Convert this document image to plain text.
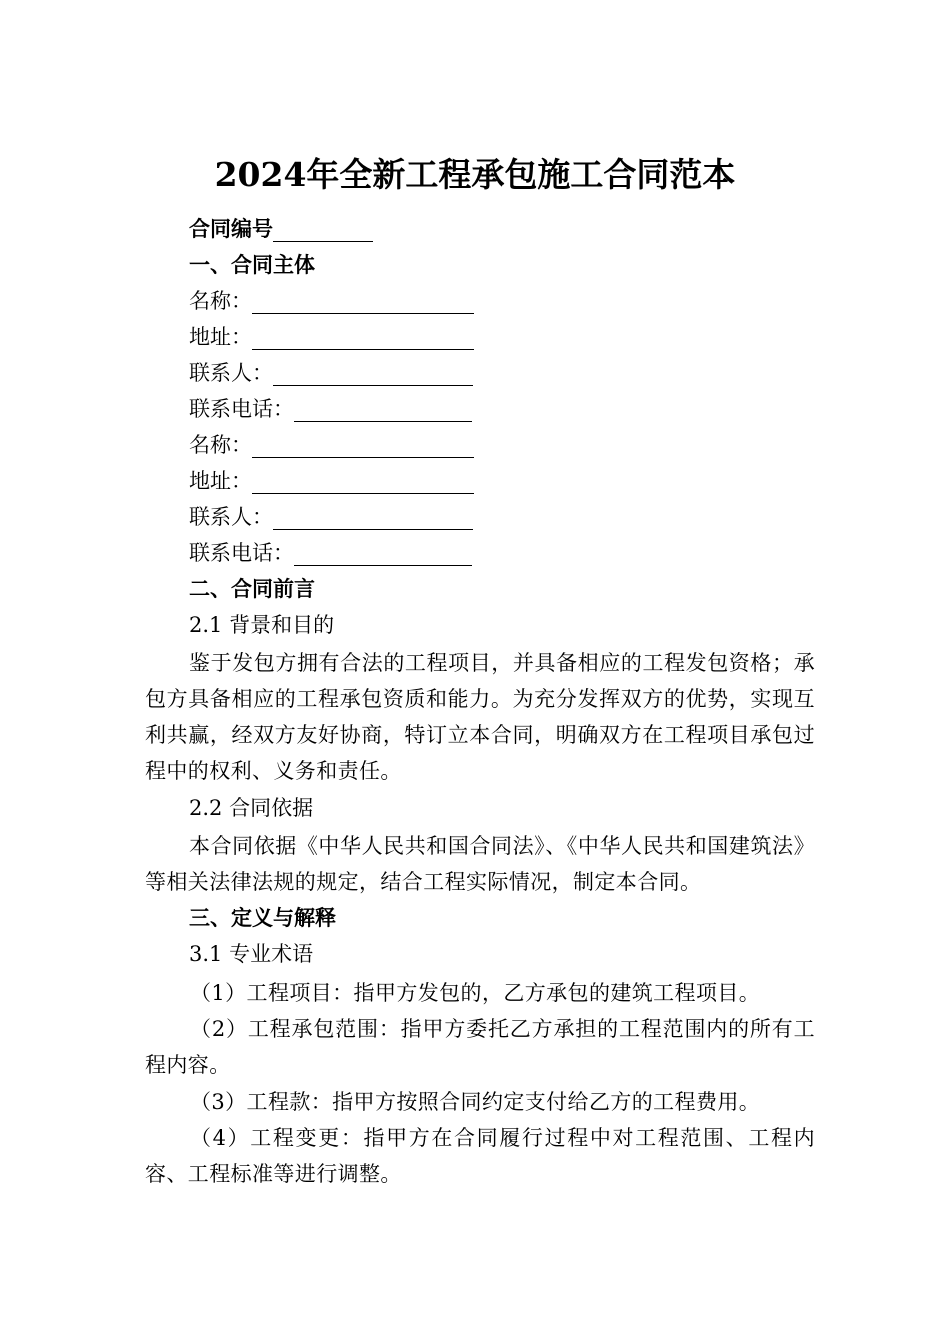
2024年全新工程承包施工合同范本
合同编号
一、合同主体
名称：
地址：
联系人：
联系电话：
名称：
地址：
联系人：
联系电话：
二、合同前言
2.1 背景和目的
鉴于发包方拥有合法的工程项目，并具备相应的工程发包资格；承包方具备相应的工程承包资质和能力。为充分发挥双方的优势，实现互利共赢，经双方友好协商，特订立本合同，明确双方在工程项目承包过程中的权利、义务和责任。
2.2 合同依据
本合同依据《中华人民共和国合同法》、《中华人民共和国建筑法》等相关法律法规的规定，结合工程实际情况，制定本合同。
三、定义与解释
3.1 专业术语
（1）工程项目：指甲方发包的，乙方承包的建筑工程项目。
（2）工程承包范围：指甲方委托乙方承担的工程范围内的所有工程内容。
（3）工程款：指甲方按照合同约定支付给乙方的工程费用。
（4）工程变更：指甲方在合同履行过程中对工程范围、工程内容、工程标准等进行调整。
